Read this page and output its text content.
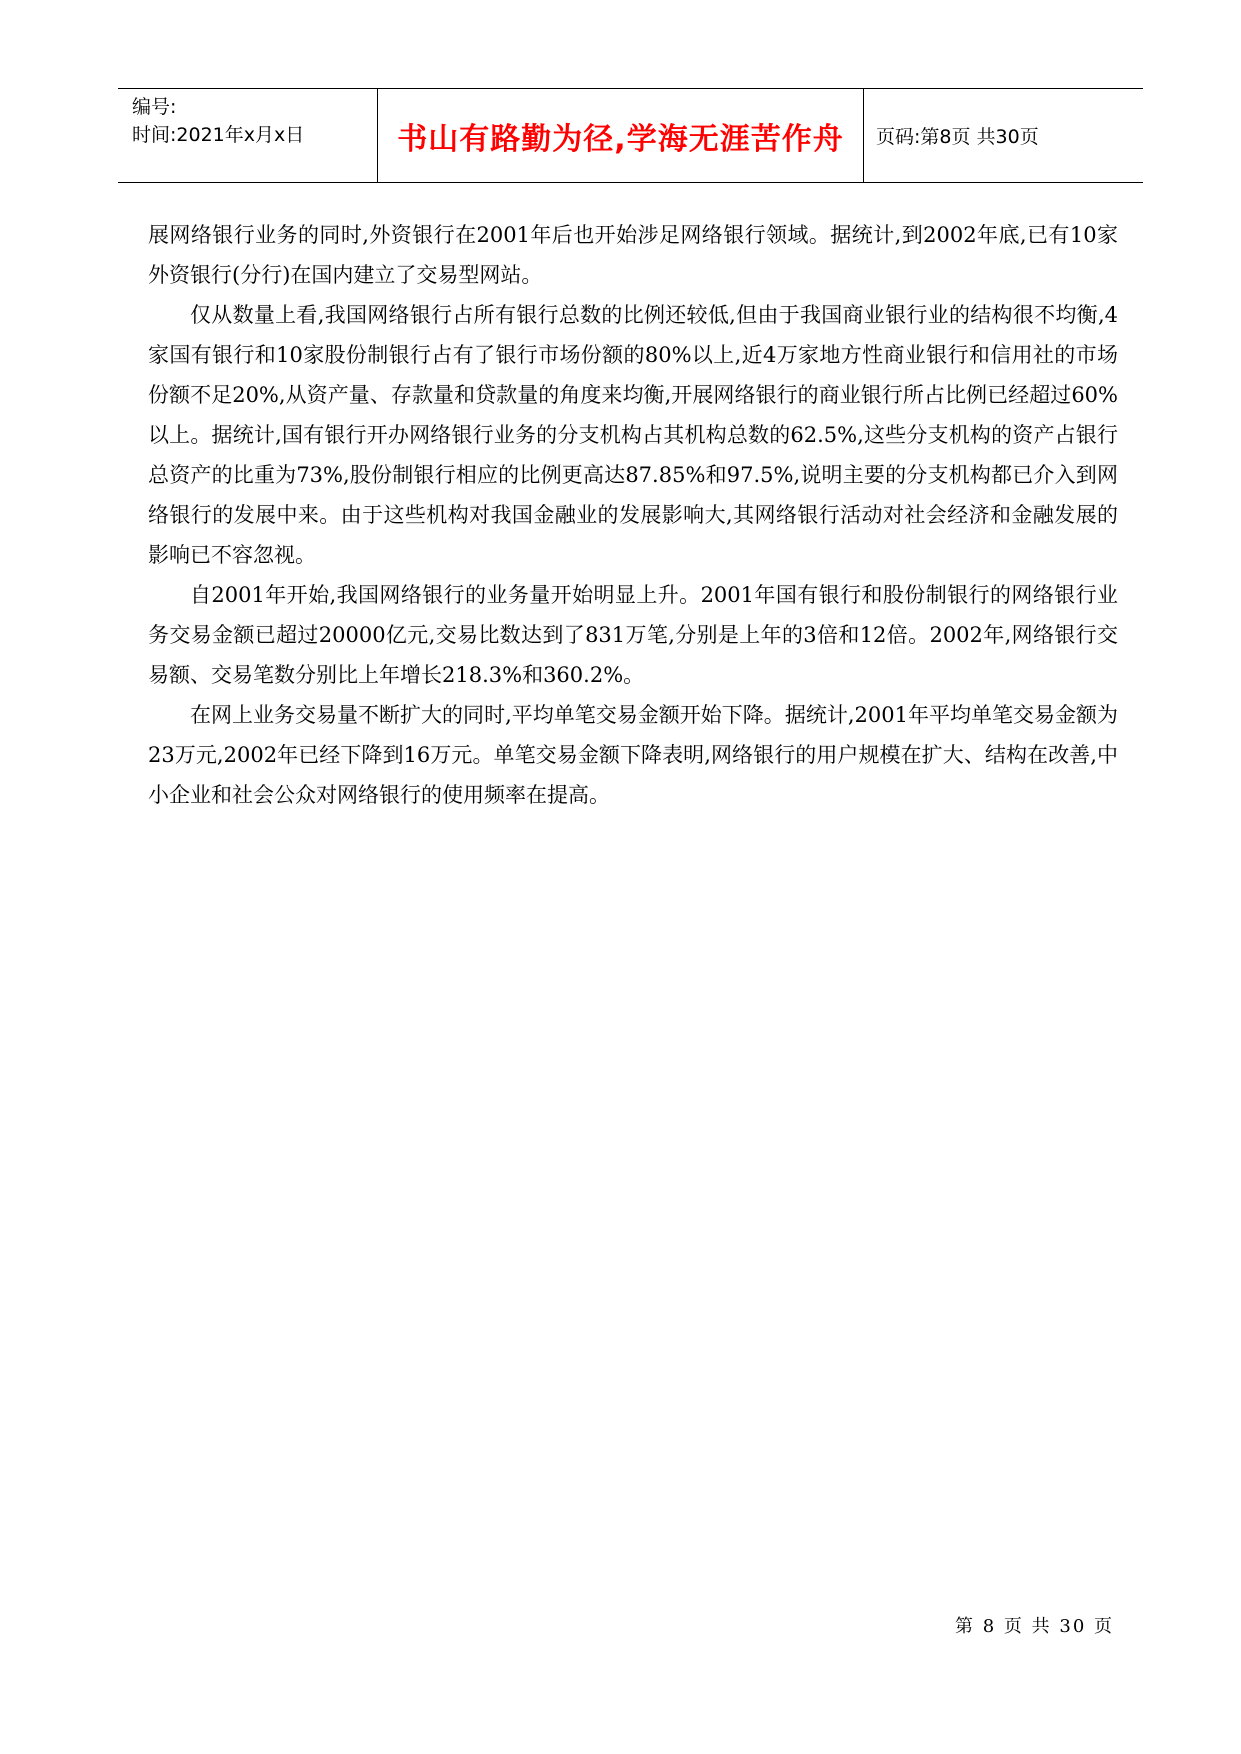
编号:
时间:2021年x月x日	书山有路勤为径,学海无涯苦作舟	页码:第8页 共30页

展网络银行业务的同时,外资银行在2001年后也开始涉足网络银行领域。据统计,到2002年底,已有10家外资银行(分行)在国内建立了交易型网站。

仅从数量上看,我国网络银行占所有银行总数的比例还较低,但由于我国商业银行业的结构很不均衡,4家国有银行和10家股份制银行占有了银行市场份额的80%以上,近4万家地方性商业银行和信用社的市场份额不足20%,从资产量、存款量和贷款量的角度来均衡,开展网络银行的商业银行所占比例已经超过60%以上。据统计,国有银行开办网络银行业务的分支机构占其机构总数的62.5%,这些分支机构的资产占银行总资产的比重为73%,股份制银行相应的比例更高达87.85%和97.5%,说明主要的分支机构都已介入到网络银行的发展中来。由于这些机构对我国金融业的发展影响大,其网络银行活动对社会经济和金融发展的影响已不容忽视。

自2001年开始,我国网络银行的业务量开始明显上升。2001年国有银行和股份制银行的网络银行业务交易金额已超过20000亿元,交易比数达到了831万笔,分别是上年的3倍和12倍。2002年,网络银行交易额、交易笔数分别比上年增长218.3%和360.2%。

在网上业务交易量不断扩大的同时,平均单笔交易金额开始下降。据统计,2001年平均单笔交易金额为23万元,2002年已经下降到16万元。单笔交易金额下降表明,网络银行的用户规模在扩大、结构在改善,中小企业和社会公众对网络银行的使用频率在提高。

第 8 页 共 30 页
